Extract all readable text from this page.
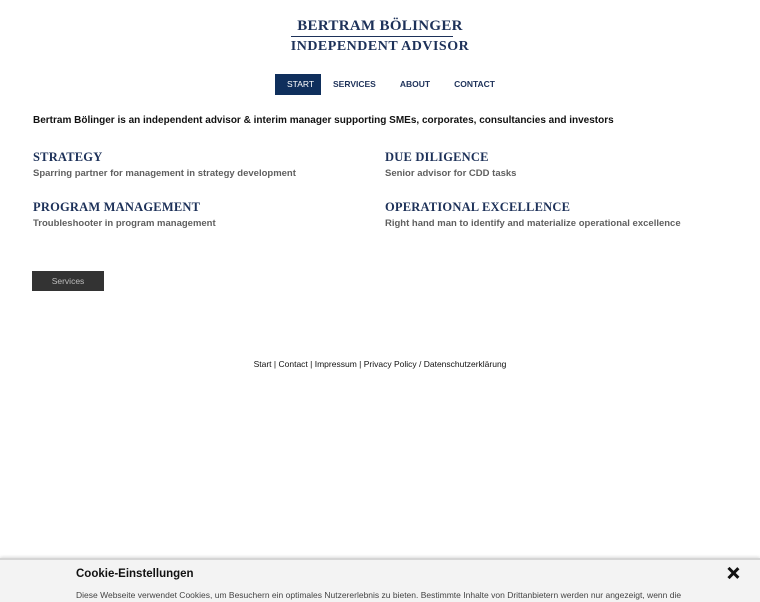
BERTRAM BÖLINGER
INDEPENDENT ADVISOR
START	SERVICES	ABOUT	CONTACT
Bertram Bölinger is an independent advisor & interim manager supporting SMEs, corporates, consultancies and investors
STRATEGY
Sparring partner for management in strategy development
DUE DILIGENCE
Senior advisor for CDD tasks
PROGRAM MANAGEMENT
Troubleshooter in program management
OPERATIONAL EXCELLENCE
Right hand man to identify and materialize operational excellence
Services
Start | Contact | Impressum | Privacy Policy / Datenschutzerklärung
Cookie-Einstellungen
Diese Webseite verwendet Cookies, um Besuchern ein optimales Nutzererlebnis zu bieten. Bestimmte Inhalte von Drittanbietern werden nur angezeigt, wenn die
